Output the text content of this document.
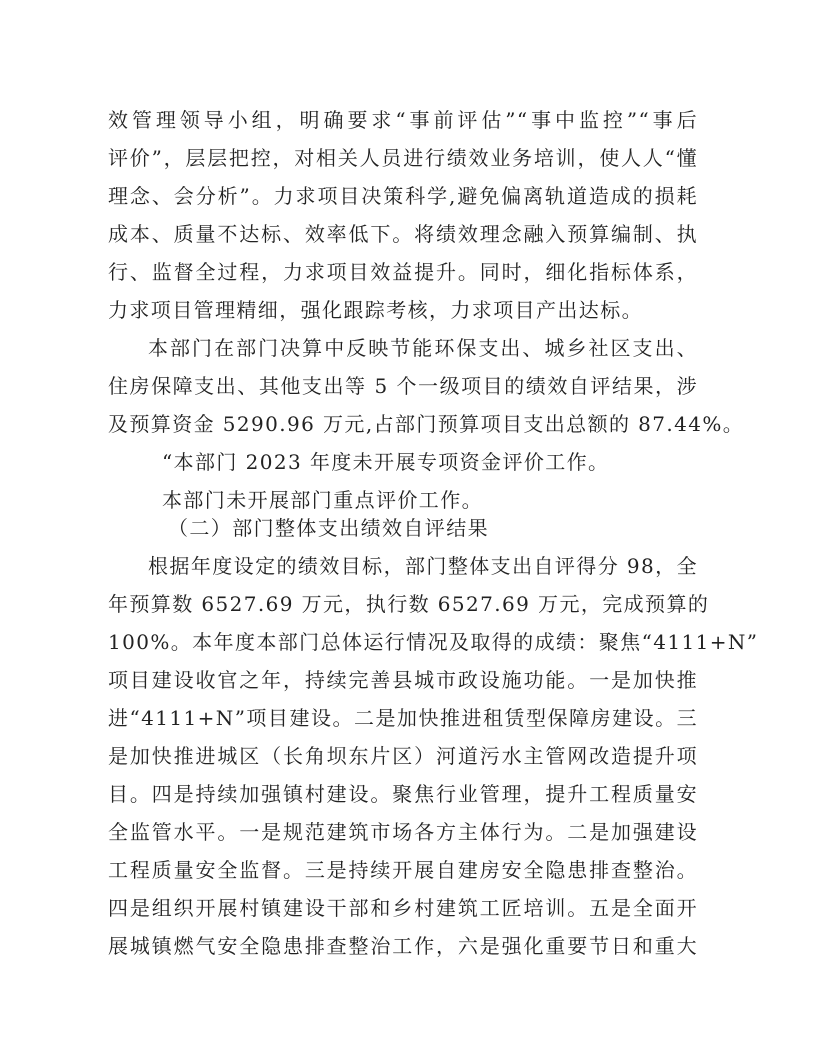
效管理领导小组，明确要求“事前评估”“事中监控”“事后
评价”，层层把控，对相关人员进行绩效业务培训，使人人“懂
理念、会分析”。力求项目决策科学,避免偏离轨道造成的损耗
成本、质量不达标、效率低下。将绩效理念融入预算编制、执
行、监督全过程，力求项目效益提升。同时，细化指标体系，
力求项目管理精细，强化跟踪考核，力求项目产出达标。
本部门在部门决算中反映节能环保支出、城乡社区支出、
住房保障支出、其他支出等 5 个一级项目的绩效自评结果，涉
及预算资金 5290.96 万元,占部门预算项目支出总额的 87.44%。
“本部门 2023 年度未开展专项资金评价工作。
本部门未开展部门重点评价工作。
（二）部门整体支出绩效自评结果
根据年度设定的绩效目标，部门整体支出自评得分 98，全
年预算数 6527.69 万元，执行数 6527.69 万元，完成预算的
100%。本年度本部门总体运行情况及取得的成绩：聚焦“4111+N”
项目建设收官之年，持续完善县城市政设施功能。一是加快推
进“4111+N”项目建设。二是加快推进租赁型保障房建设。三
是加快推进城区（长角坝东片区）河道污水主管网改造提升项
目。四是持续加强镇村建设。聚焦行业管理，提升工程质量安
全监管水平。一是规范建筑市场各方主体行为。二是加强建设
工程质量安全监督。三是持续开展自建房安全隐患排查整治。
四是组织开展村镇建设干部和乡村建筑工匠培训。五是全面开
展城镇燃气安全隐患排查整治工作，六是强化重要节日和重大
